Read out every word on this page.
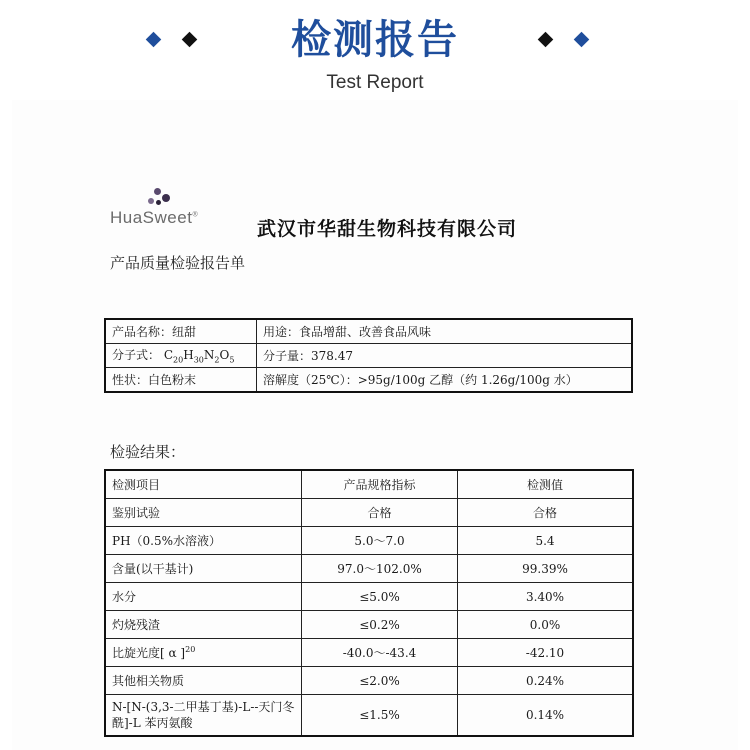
检测报告
Test Report
HuaSweet®
武汉市华甜生物科技有限公司
产品质量检验报告单
产品名称：纽甜	用途：食品增甜、改善食品风味
分子式： $C_{20}H_{30}N_2O_5$	分子量：378.47
性状：白色粉末	溶解度（25℃）：>95g/100g 乙醇（约 1.26g/100g 水）
检验结果：
检测项目	产品规格指标	检测值
鉴别试验	合格	合格
PH（0.5%水溶液）	5.0～7.0	5.4
含量(以干基计)	97.0～102.0%	99.39%
水分	≤5.0%	3.40%
灼烧残渣	≤0.2%	0.0%
比旋光度[ α ]$^{20}$	-40.0～-43.4	-42.10
其他相关物质	≤2.0%	0.24%
N-[N-(3,3-二甲基丁基)-L--天门冬酰]-L 苯丙氨酸	≤1.5%	0.14%
